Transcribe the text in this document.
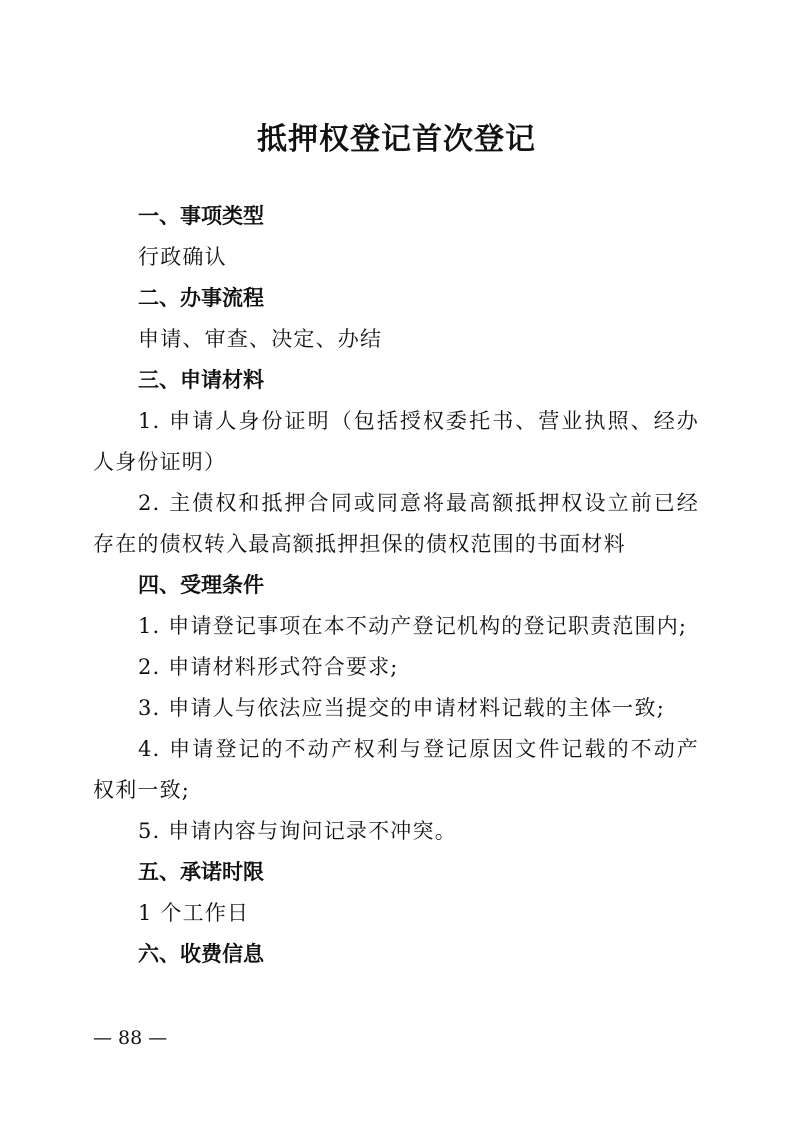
抵押权登记首次登记
一、事项类型
行政确认
二、办事流程
申请、审查、决定、办结
三、申请材料
1. 申请人身份证明（包括授权委托书、营业执照、经办人身份证明）
2. 主债权和抵押合同或同意将最高额抵押权设立前已经存在的债权转入最高额抵押担保的债权范围的书面材料
四、受理条件
1. 申请登记事项在本不动产登记机构的登记职责范围内;
2. 申请材料形式符合要求;
3. 申请人与依法应当提交的申请材料记载的主体一致;
4. 申请登记的不动产权利与登记原因文件记载的不动产权利一致;
5. 申请内容与询问记录不冲突。
五、承诺时限
1 个工作日
六、收费信息
— 88 —
